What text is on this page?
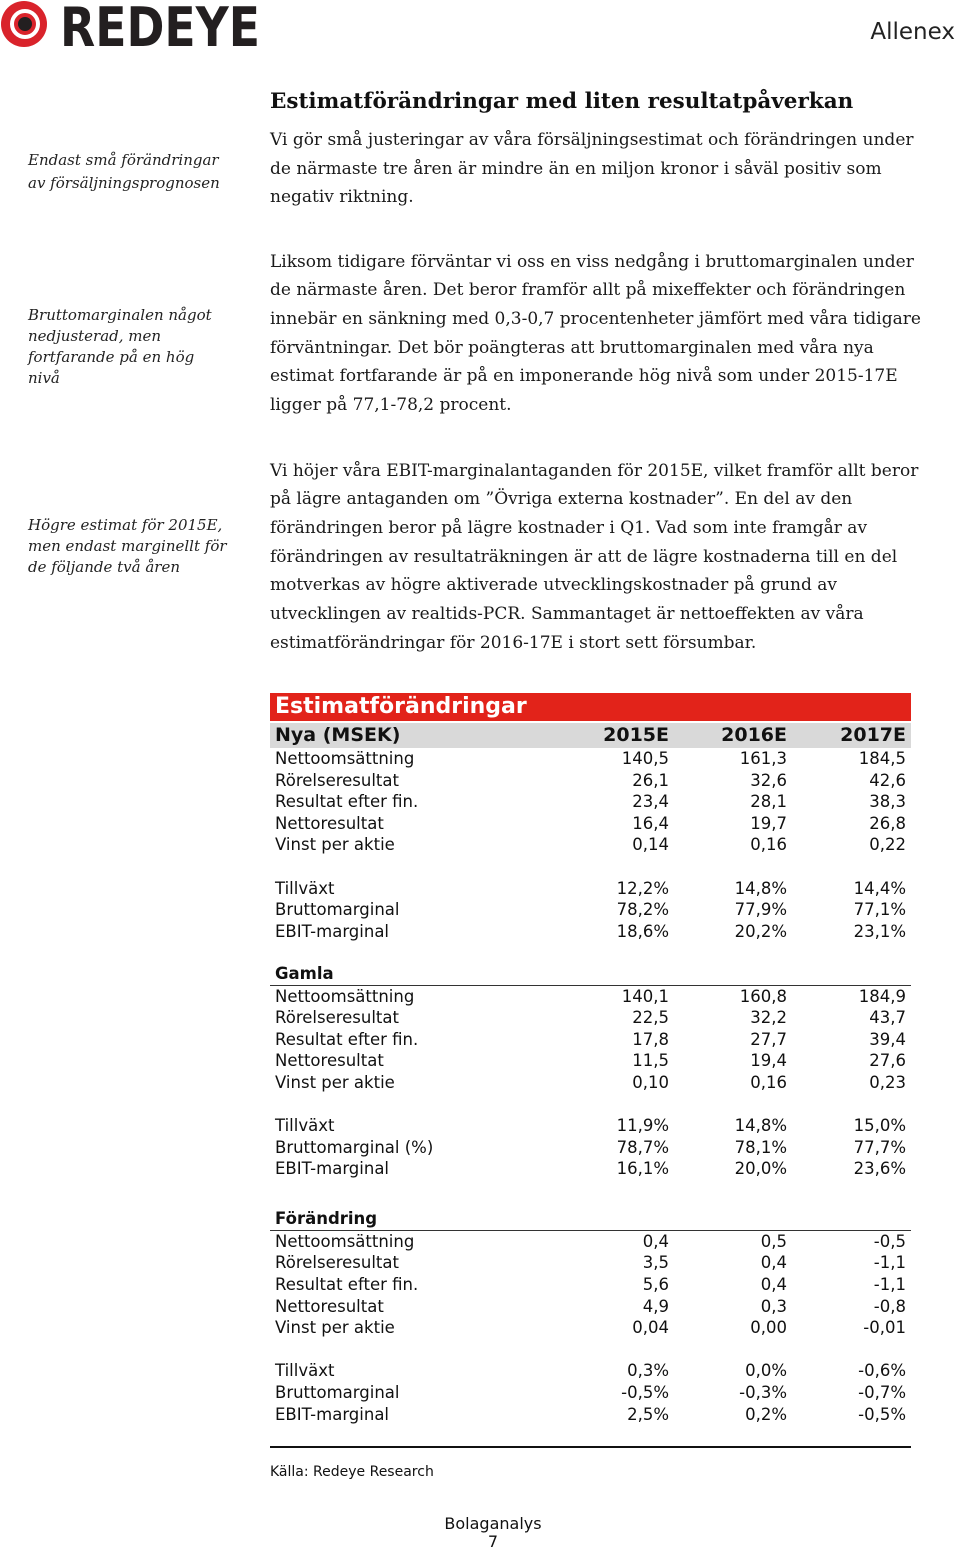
REDEYE	Allenex
Endast små förändringar
av försäljningsprognosen
Estimatförändringar med liten resultatpåverkan
Vi gör små justeringar av våra försäljningsestimat och förändringen under
de närmaste tre åren är mindre än en miljon kronor i såväl positiv som
negativ riktning.
Bruttomarginalen något
nedjusterad, men
fortfarande på en hög
nivå
Liksom tidigare förväntar vi oss en viss nedgång i bruttomarginalen under
de närmaste åren. Det beror framför allt på mixeffekter och förändringen
innebär en sänkning med 0,3-0,7 procentenheter jämfört med våra tidigare
förväntningar. Det bör poängteras att bruttomarginalen med våra nya
estimat fortfarande är på en imponerande hög nivå som under 2015-17E
ligger på 77,1-78,2 procent.
Högre estimat för 2015E,
men endast marginellt för
de följande två åren
Vi höjer våra EBIT-marginalantaganden för 2015E, vilket framför allt beror
på lägre antaganden om ”Övriga externa kostnader”. En del av den
förändringen beror på lägre kostnader i Q1. Vad som inte framgår av
förändringen av resultaträkningen är att de lägre kostnaderna till en del
motverkas av högre aktiverade utvecklingskostnader på grund av
utvecklingen av realtids-PCR. Sammantaget är nettoeffekten av våra
estimatförändringar för 2016-17E i stort sett försumbar.
Estimatförändringar
Nya (MSEK)	2015E	2016E	2017E
Nettoomsättning	140,5	161,3	184,5
Rörelseresultat	26,1	32,6	42,6
Resultat efter fin.	23,4	28,1	38,3
Nettoresultat	16,4	19,7	26,8
Vinst per aktie	0,14	0,16	0,22
Tillväxt	12,2%	14,8%	14,4%
Bruttomarginal	78,2%	77,9%	77,1%
EBIT-marginal	18,6%	20,2%	23,1%
Gamla
Nettoomsättning	140,1	160,8	184,9
Rörelseresultat	22,5	32,2	43,7
Resultat efter fin.	17,8	27,7	39,4
Nettoresultat	11,5	19,4	27,6
Vinst per aktie	0,10	0,16	0,23
Tillväxt	11,9%	14,8%	15,0%
Bruttomarginal (%)	78,7%	78,1%	77,7%
EBIT-marginal	16,1%	20,0%	23,6%
Förändring
Nettoomsättning	0,4	0,5	-0,5
Rörelseresultat	3,5	0,4	-1,1
Resultat efter fin.	5,6	0,4	-1,1
Nettoresultat	4,9	0,3	-0,8
Vinst per aktie	0,04	0,00	-0,01
Tillväxt	0,3%	0,0%	-0,6%
Bruttomarginal	-0,5%	-0,3%	-0,7%
EBIT-marginal	2,5%	0,2%	-0,5%
Källa: Redeye Research
Bolaganalys
7
